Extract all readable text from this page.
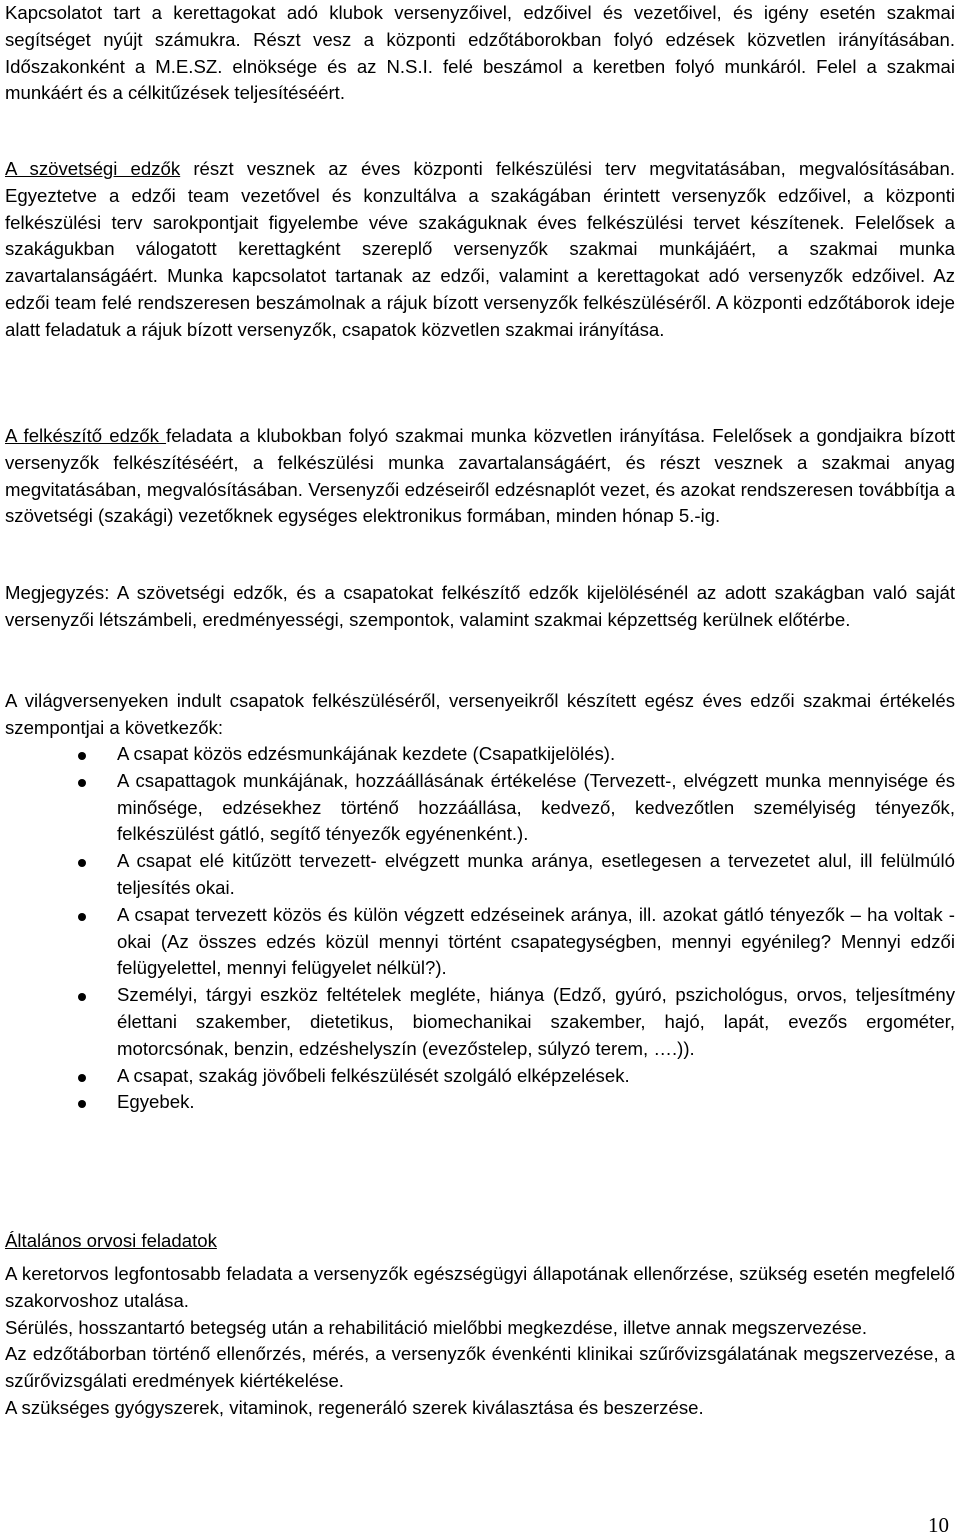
Kapcsolatot tart a kerettagokat adó klubok versenyzőivel, edzőivel és vezetőivel, és igény esetén szakmai segítséget nyújt számukra. Részt vesz a központi edzőtáborokban folyó edzések közvetlen irányításában. Időszakonként a M.E.SZ. elnöksége és az N.S.I. felé beszámol a keretben folyó munkáról. Felel a szakmai munkáért és a célkitűzések teljesítéséért.

A szövetségi edzők részt vesznek az éves központi felkészülési terv megvitatásában, megvalósításában. Egyeztetve a edzői team vezetővel és konzultálva a szakágában érintett versenyzők edzőivel, a központi felkészülési terv sarokpontjait figyelembe véve szakáguknak éves felkészülési tervet készítenek. Felelősek a szakágukban válogatott kerettagként szereplő versenyzők szakmai munkájáért, a szakmai munka zavartalanságáért. Munka kapcsolatot tartanak az edzői, valamint a kerettagokat adó versenyzők edzőivel. Az edzői team felé rendszeresen beszámolnak a rájuk bízott versenyzők felkészüléséről. A központi edzőtáborok ideje alatt feladatuk a rájuk bízott versenyzők, csapatok közvetlen szakmai irányítása.

A felkészítő edzők feladata a klubokban folyó szakmai munka közvetlen irányítása. Felelősek a gondjaikra bízott versenyzők felkészítéséért, a felkészülési munka zavartalanságáért, és részt vesznek a szakmai anyag megvitatásában, megvalósításában. Versenyzői edzéseiről edzésnaplót vezet, és azokat rendszeresen továbbítja a szövetségi (szakági) vezetőknek egységes elektronikus formában, minden hónap 5.-ig.

Megjegyzés: A szövetségi edzők, és a csapatokat felkészítő edzők kijelölésénél az adott szakágban való saját versenyzői létszámbeli, eredményességi, szempontok, valamint szakmai képzettség kerülnek előtérbe.

A világversenyeken indult csapatok felkészüléséről, versenyeikről készített egész éves edzői szakmai értékelés szempontjai a következők:

A csapat közös edzésmunkájának kezdete (Csapatkijelölés).
A csapattagok munkájának, hozzáállásának értékelése (Tervezett-, elvégzett munka mennyisége és minősége, edzésekhez történő hozzáállása, kedvező, kedvezőtlen személyiség tényezők, felkészülést gátló, segítő tényezők egyénenként.).
A csapat elé kitűzött tervezett- elvégzett munka aránya, esetlegesen a tervezetet alul, ill felülmúló teljesítés okai.
A csapat tervezett közös és külön végzett edzéseinek aránya, ill. azokat gátló tényezők – ha voltak - okai (Az összes edzés közül mennyi történt csapategységben, mennyi egyénileg? Mennyi edzői felügyelettel, mennyi felügyelet nélkül?).
Személyi, tárgyi eszköz feltételek megléte, hiánya (Edző, gyúró, pszichológus, orvos, teljesítmény élettani szakember, dietetikus, biomechanikai szakember, hajó, lapát, evezős ergométer, motorcsónak, benzin, edzéshelyszín (evezőstelep, súlyzó terem, ….)).
A csapat, szakág jövőbeli felkészülését szolgáló elképzelések.
Egyebek.
Általános orvosi feladatok

A keretorvos legfontosabb feladata a versenyzők egészségügyi állapotának ellenőrzése, szükség esetén megfelelő szakorvoshoz utalása.

Sérülés, hosszantartó betegség után a rehabilitáció mielőbbi megkezdése, illetve annak megszervezése.

Az edzőtáborban történő ellenőrzés, mérés, a versenyzők évenkénti klinikai szűrővizsgálatának megszervezése, a szűrővizsgálati eredmények kiértékelése.

A szükséges gyógyszerek, vitaminok, regeneráló szerek kiválasztása és beszerzése.

10
